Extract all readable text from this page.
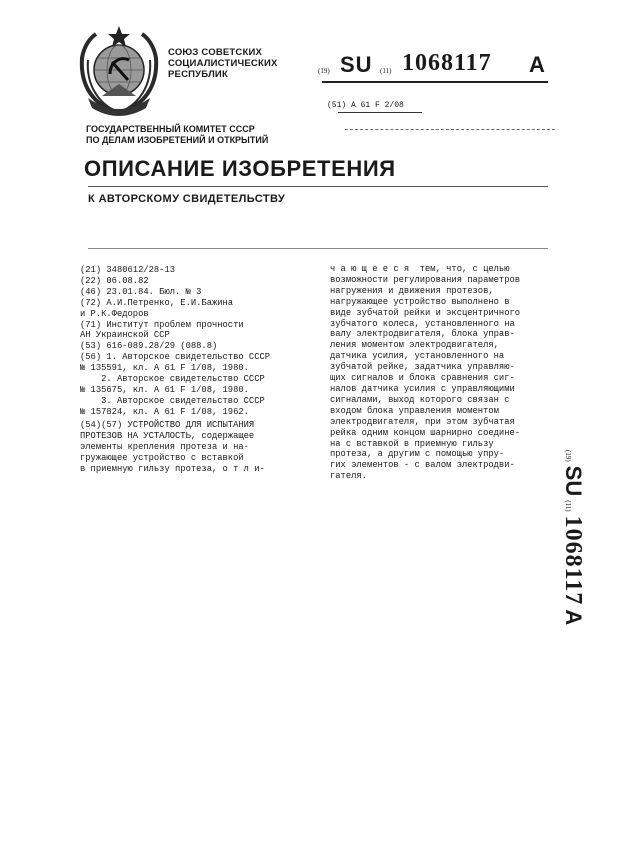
СОЮЗ СОВЕТСКИХ
СОЦИАЛИСТИЧЕСКИХ
РЕСПУБЛИК	(19) SU (11) 1068117 A
(51) A 61 F 2/08
ГОСУДАРСТВЕННЫЙ КОМИТЕТ СССР
ПО ДЕЛАМ ИЗОБРЕТЕНИЙ И ОТКРЫТИЙ
ОПИСАНИЕ ИЗОБРЕТЕНИЯ
К АВТОРСКОМУ СВИДЕТЕЛЬСТВУ
(21) 3480612/28-13
(22) 06.08.82
(46) 23.01.84. Бюл. № 3
(72) А.И.Петренко, Е.И.Бажина
и Р.К.Федоров
(71) Институт проблем прочности
АН Украинской ССР
(53) 616-089.28/29 (088.8)
(56) 1. Авторское свидетельство СССР
№ 135591, кл. А 61 F 1/08, 1980.
2. Авторское свидетельство СССР
№ 135675, кл. А 61 F 1/08, 1980.
3. Авторское свидетельство СССР
№ 157824, кл. А 61 F 1/08, 1962.
(54)(57) УСТРОЙСТВО ДЛЯ ИСПЫТАНИЯ
ПРОТЕЗОВ НА УСТАЛОСТЬ, содержащее
элементы крепления протеза и на-
гружающее устройство с вставкой
в приемную гильзу протеза, о т л и-
ч а ю щ е е с я  тем, что, с целью
возможности регулирования параметров
нагружения и движения протезов,
нагружающее устройство выполнено в
виде зубчатой рейки и эксцентричного
зубчатого колеса, установленного на
валу электродвигателя, блока управ-
ления моментом электродвигателя,
датчика усилия, установленного на
зубчатой рейке, задатчика управляю-
щих сигналов и блока сравнения сиг-
налов датчика усилия с управляющими
сигналами, выход которого связан с
входом блока управления моментом
электродвигателя, при этом зубчатая
рейка одним концом шарнирно соедине-
на с вставкой в приемную гильзу
протеза, а другим с помощью упру-
гих элементов - с валом электродви-
гателя.
(19) SU (11) 1068117 A
